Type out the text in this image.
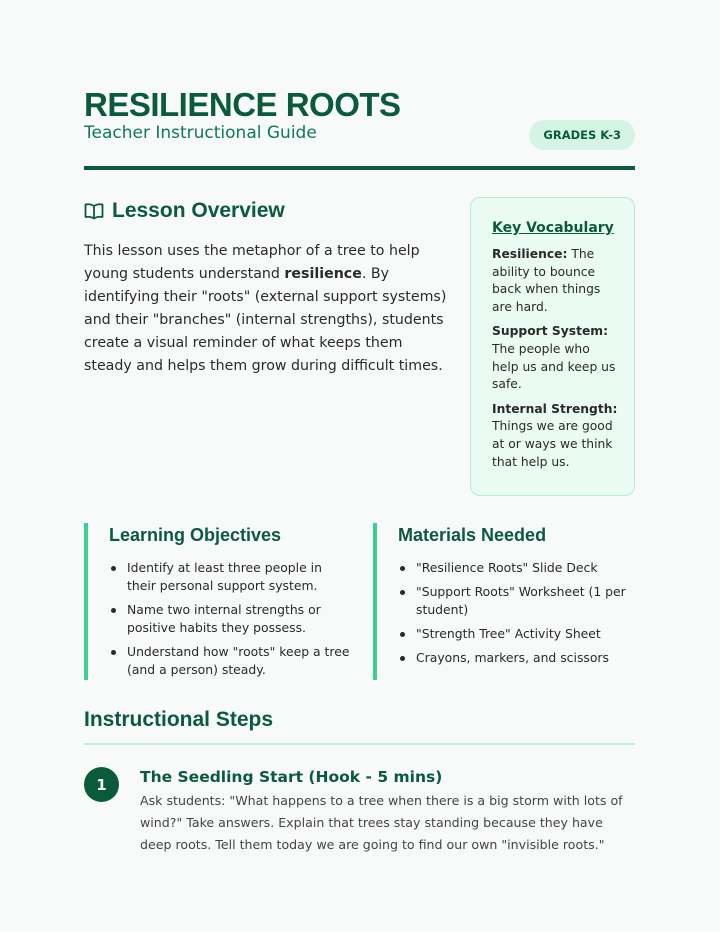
RESILIENCE ROOTS
Teacher Instructional Guide	GRADES K-3
Lesson Overview

This lesson uses the metaphor of a tree to help young students understand resilience. By identifying their "roots" (external support systems) and their "branches" (internal strengths), students create a visual reminder of what keeps them steady and helps them grow during difficult times.

Key Vocabulary
Resilience: The ability to bounce back when things are hard.
Support System:
The people who help us and keep us safe.
Internal Strength:
Things we are good at or ways we think that help us.
Learning Objectives
Identify at least three people in their personal support system.
Name two internal strengths or positive habits they possess.
Understand how "roots" keep a tree (and a person) steady.
Materials Needed
"Resilience Roots" Slide Deck
"Support Roots" Worksheet (1 per student)
"Strength Tree" Activity Sheet
Crayons, markers, and scissors
Instructional Steps
1	The Seedling Start (Hook - 5 mins)

Ask students: "What happens to a tree when there is a big storm with lots of wind?" Take answers. Explain that trees stay standing because they have deep roots. Tell them today we are going to find our own "invisible roots."
